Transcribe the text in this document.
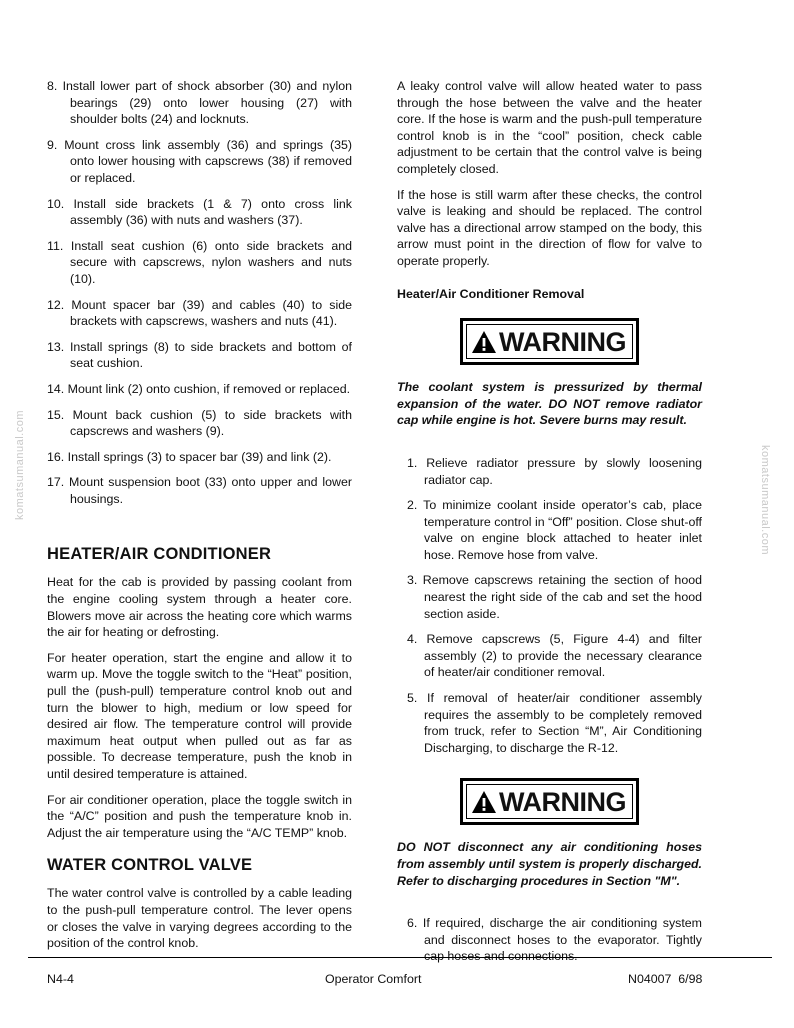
komatsumanual.com	komatsumanual.com

8. Install lower part of shock absorber (30) and nylon bearings (29) onto lower housing (27) with shoulder bolts (24) and locknuts.

9. Mount cross link assembly (36) and springs (35) onto lower housing with capscrews (38) if removed or replaced.

10. Install side brackets (1 & 7) onto cross link assembly (36) with nuts and washers (37).

11. Install seat cushion (6) onto side brackets and secure with capscrews, nylon washers and nuts (10).

12. Mount spacer bar (39) and cables (40) to side brackets with capscrews, washers and nuts (41).

13. Install springs (8) to side brackets and bottom of seat cushion.

14. Mount link (2) onto cushion, if removed or replaced.

15. Mount back cushion (5) to side brackets with capscrews and washers (9).

16. Install springs (3) to spacer bar (39) and link (2).

17. Mount suspension boot (33) onto upper and lower housings.

HEATER/AIR CONDITIONER

Heat for the cab is provided by passing coolant from the engine cooling system through a heater core. Blowers move air across the heating core which warms the air for heating or defrosting.

For heater operation, start the engine and allow it to warm up. Move the toggle switch to the “Heat” position, pull the (push-pull) temperature control knob out and turn the blower to high, medium or low speed for desired air flow. The temperature control will provide maximum heat output when pulled out as far as possible. To decrease temperature, push the knob in until desired temperature is attained.

For air conditioner operation, place the toggle switch in the “A/C” position and push the temperature knob in. Adjust the air temperature using the “A/C TEMP” knob.

WATER CONTROL VALVE

The water control valve is controlled by a cable leading to the push-pull temperature control. The lever opens or closes the valve in varying degrees according to the position of the control knob.

A leaky control valve will allow heated water to pass through the hose between the valve and the heater core. If the hose is warm and the push-pull temperature control knob is in the “cool” position, check cable adjustment to be certain that the control valve is being completely closed.

If the hose is still warm after these checks, the control valve is leaking and should be replaced. The control valve has a directional arrow stamped on the body, this arrow must point in the direction of flow for valve to operate properly.

Heater/Air Conditioner Removal
WARNING

The coolant system is pressurized by thermal expansion of the water. DO NOT remove radiator cap while engine is hot. Severe burns may result.

1. Relieve radiator pressure by slowly loosening radiator cap.

2. To minimize coolant inside operator’s cab, place temperature control in “Off” position. Close shut-off valve on engine block attached to heater inlet hose. Remove hose from valve.

3. Remove capscrews retaining the section of hood nearest the right side of the cab and set the hood section aside.

4. Remove capscrews (5, Figure 4-4) and filter assembly (2) to provide the necessary clearance of heater/air conditioner removal.

5. If removal of heater/air conditioner assembly requires the assembly to be completely removed from truck, refer to Section “M”, Air Conditioning Discharging, to discharge the R-12.

WARNING

DO NOT disconnect any air conditioning hoses from assembly until system is properly discharged. Refer to discharging procedures in Section "M".

6. If required, discharge the air conditioning system and disconnect hoses to the evaporator. Tightly cap hoses and connections.

N4-4	Operator Comfort	N04007  6/98
